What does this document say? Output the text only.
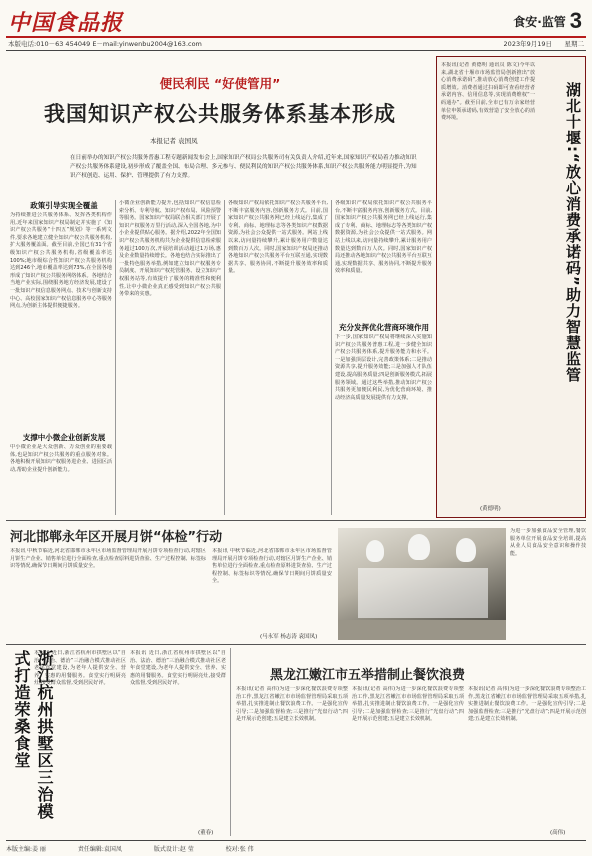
中国食品报	食安·监管 3
本版电话:010－63 454049 E－mail:yinwenbu2004@163.com	2023年9月19日 星期二
便民利民 “好使管用”
我国知识产权公共服务体系基本形成
本报记者 袁国凤
在日前举办的知识产权公共服务普惠工程专题新闻发布会上,国家知识产权局公共服务司有关负责人介绍,近年来,国家知识产权局着力推动知识产权公共服务体系建设,初步形成了覆盖全国、布局合理、多元参与、便民利民的知识产权公共服务体系,知识产权公共服务能力明显提升,为知识产权创造、运用、保护、管理提供了有力支撑。
政策引导实现全覆盖
为持续推进公共服务体系、发挥各类机构作用,近年来国家知识产权局制定并实施了《知识产权公共服务“十四五”规划》等一系列文件,要求各地建立健全知识产权公共服务机构,扩大服务覆盖面。截至目前,全国已有31个省级知识产权公共服务机构,省级覆盖率达100%;地市级综合性知识产权公共服务机构达到246个,地市覆盖率达到73%,在全国各地形成了知识产权公共服务网络体系。各地结合当地产业实际,围绕服务地方经济发展,建设了一批知识产权信息服务网点、技术与创新支持中心、高校国家知识产权信息服务中心等服务网点,为创新主体提供便捷服务。
支撑中小微企业创新发展
中小微企业是大众创新、万众创业的重要载体,也是知识产权公共服务的重点服务对象。各地积极开展知识产权服务进企业、进园区活动,帮助企业提升创新能力。
小微企业创新能力提升,包括知识产权信息检索分析、专利导航、知识产权布局、风险预警等服务。国家知识产权局联合相关部门开展了知识产权服务万里行活动,深入全国各地,为中小企业提供贴心服务。据介绍,2022年全国知识产权公共服务机构共为企业提供信息检索服务超过100万次,开展培训活动超过1万场,惠及企业数量持续增长。各地也结合实际推出了一批特色服务举措,例如建立知识产权服务专员制度、开展知识产权托管服务、设立知识产权服务站等,有效提升了服务的精准性和便利性,让中小微企业真正感受到知识产权公共服务带来的实惠。
各级知识产权局依托知识产权公共服务平台,不断丰富服务内容,创新服务方式。目前,国家知识产权公共服务网已经上线运行,集成了专利、商标、地理标志等各类知识产权数据资源,为社会公众提供一站式服务。网站上线以来,访问量持续攀升,累计服务用户数量达到数百万人次。同时,国家知识产权局还推动各地知识产权公共服务平台互联互通,实现数据共享、服务协同,不断提升服务效率和质量。
充分发挥优化营商环境作用
各级知识产权局依托知识产权公共服务平台,不断丰富服务内容,创新服务方式。目前,国家知识产权公共服务网已经上线运行,集成了专利、商标、地理标志等各类知识产权数据资源,为社会公众提供一站式服务。网站上线以来,访问量持续攀升,累计服务用户数量达到数百万人次。同时,国家知识产权局还推动各地知识产权公共服务平台互联互通,实现数据共享、服务协同,不断提升服务效率和质量。
下一步,国家知识产权局将继续深入实施知识产权公共服务普惠工程,进一步健全知识产权公共服务体系,提升服务能力和水平。一是加强顶层设计,完善政策体系;二是推动资源共享,提升服务效能;三是加强人才队伍建设,提高服务质量;四是创新服务模式,拓展服务领域。通过这些举措,推动知识产权公共服务更加便民利民,为优化营商环境、推动经济高质量发展提供有力支撑。
本报讯(记者 黄德明 通讯员 陈文)今年以来,湖北省十堰市市场监管局创新推出“放心消费承诺码”,推动放心消费创建工作提质增效。消费者通过扫码即可查看经营者承诺内容、信用信息等,实现消费维权“一码通办”。截至目前,全市已有万余家经营单位申领承诺码,有效营造了安全放心的消费环境。	湖北十堰:“放心消费承诺码”助力智慧监管
(黄德明)
河北邯郸永年区开展月饼“体检”行动
本报讯 中秋节临近,河北省邯郸市永年区市场监督管理局开展月饼专项检查行动,对辖区月饼生产企业、销售单位进行全面检查,重点检查原料进货查验、生产过程控制、标签标识等情况,确保节日期间月饼质量安全。
本报讯 中秋节临近,河北省邯郸市永年区市场监督管理局开展月饼专项检查行动,对辖区月饼生产企业、销售单位进行全面检查,重点检查原料进货查验、生产过程控制、标签标识等情况,确保节日期间月饼质量安全。
(马永军 杨志涛 袁国凤)
为进一步加强食品安全管理,餐饮服务单位开展食品安全培训,提高从业人员食品安全意识和操作技能。
浙江杭州拱墅区三治模式打造荣桑食堂 本报讯 近日,浙江省杭州市拱墅区以“自治、法治、德治”三治融合模式推动社区老年食堂建设,为老年人提供安全、营养、实惠的用餐服务。食堂实行明厨亮灶,接受群众监督,受到居民好评。
本报讯 近日,浙江省杭州市拱墅区以“自治、法治、德治”三治融合模式推动社区老年食堂建设,为老年人提供安全、营养、实惠的用餐服务。食堂实行明厨亮灶,接受群众监督,受到居民好评。
(董春)
黑龙江嫩江市五举措制止餐饮浪费
本报讯(记者 高伟)为进一步深化餐饮浪费专项整治工作,黑龙江省嫩江市市场监督管理局采取五项举措,扎实推进制止餐饮浪费工作。一是强化宣传引导;二是加强监督检查;三是推行“光盘行动”;四是开展示范创建;五是建立长效机制。
本报讯(记者 高伟)为进一步深化餐饮浪费专项整治工作,黑龙江省嫩江市市场监督管理局采取五项举措,扎实推进制止餐饮浪费工作。一是强化宣传引导;二是加强监督检查;三是推行“光盘行动”;四是开展示范创建;五是建立长效机制。
本报讯(记者 高伟)为进一步深化餐饮浪费专项整治工作,黑龙江省嫩江市市场监督管理局采取五项举措,扎实推进制止餐饮浪费工作。一是强化宣传引导;二是加强监督检查;三是推行“光盘行动”;四是开展示范创建;五是建立长效机制。
(高伟)
本版主编:姜 丽	责任编辑:袁国凤	版式设计:赵 莹	校对:张 伟
